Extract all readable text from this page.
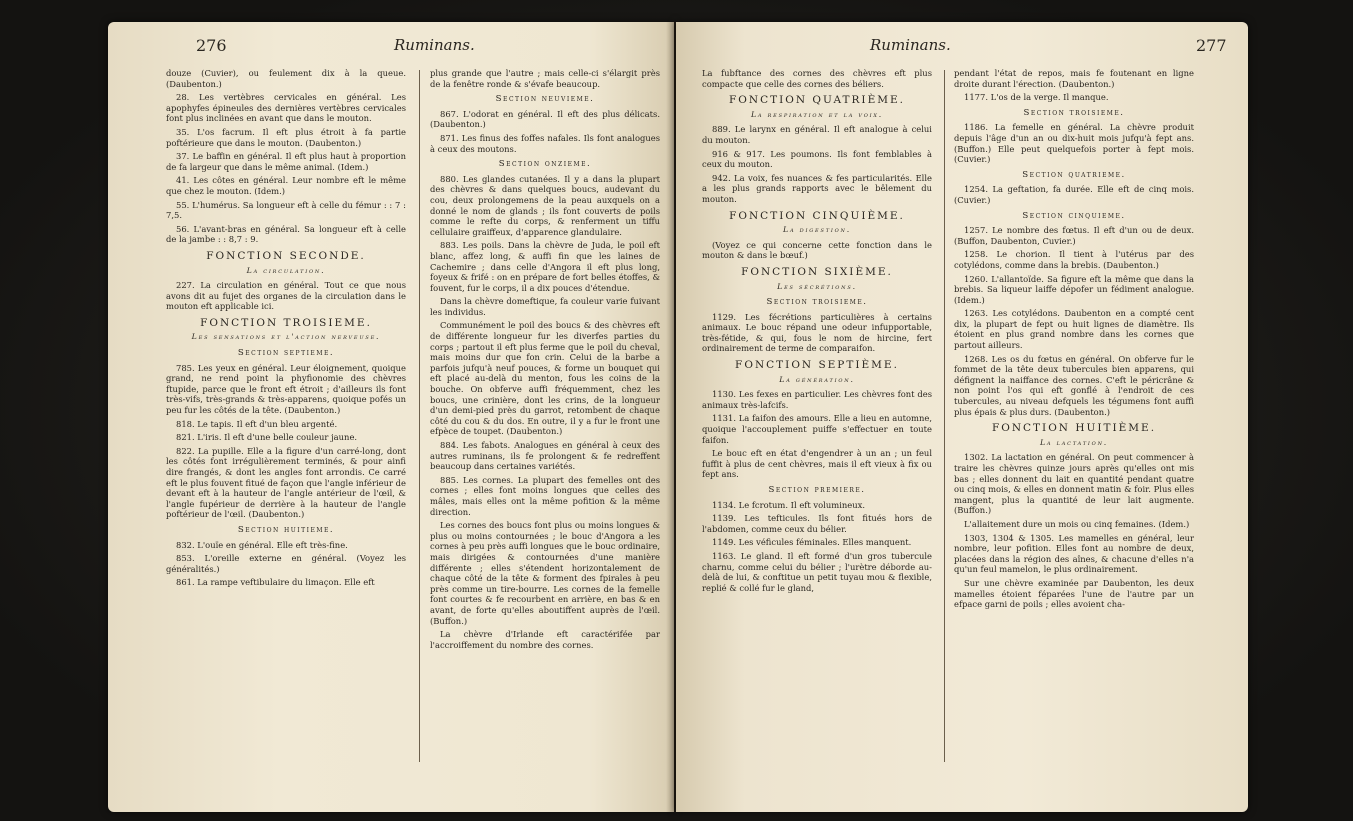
276	Ruminans.

douze (Cuvier), ou feulement dix à la queue. (Daubenton.)

28. Les vertèbres cervicales en général. Les apophyfes épineules des dernières vertèbres cervicales font plus inclinées en avant que dans le mouton.

35. L'os facrum. Il eft plus étroit à fa partie poftérieure que dans le mouton. (Daubenton.)

37. Le baffin en général. Il eft plus haut à proportion de fa largeur que dans le même animal. (Idem.)

41. Les côtes en général. Leur nombre eft le même que chez le mouton. (Idem.)

55. L'humérus. Sa longueur eft à celle du fémur : : 7 : 7,5.

56. L'avant-bras en général. Sa longueur eft à celle de la jambe : : 8,7 : 9.

FONCTION SECONDE.
La circulation.

227. La circulation en général. Tout ce que nous avons dit au fujet des organes de la circulation dans le mouton eft applicable ici.

FONCTION TROISIEME.
Les sensations et l'action nerveuse.
Section septieme.

785. Les yeux en général. Leur éloignement, quoique grand, ne rend point la phyfionomie des chèvres ftupide, parce que le front eft étroit ; d'ailleurs ils font très-vifs, très-grands & très-apparens, quoique pofés un peu fur les côtés de la tête. (Daubenton.)

818. Le tapis. Il eft d'un bleu argenté.

821. L'iris. Il eft d'une belle couleur jaune.

822. La pupille. Elle a la figure d'un carré-long, dont les côtés font irrégulièrement terminés, & pour ainfi dire frangés, & dont les angles font arrondis. Ce carré eft le plus fouvent fitué de façon que l'angle inférieur de devant eft à la hauteur de l'angle antérieur de l'œil, & l'angle fupérieur de derrière à la hauteur de l'angle poftérieur de l'œil. (Daubenton.)

Section huitieme.

832. L'ouïe en général. Elle eft très-fine.

853. L'oreille externe en général. (Voyez les généralités.)

861. La rampe veftibulaire du limaçon. Elle eft

plus grande que l'autre ; mais celle-ci s'élargit près de la fenêtre ronde & s'évafe beaucoup.

Section neuvieme.

867. L'odorat en général. Il eft des plus délicats. (Daubenton.)

871. Les finus des foffes nafales. Ils font analogues à ceux des moutons.

Section onzieme.

880. Les glandes cutanées. Il y a dans la plupart des chèvres & dans quelques boucs, audevant du cou, deux prolongemens de la peau auxquels on a donné le nom de glands ; ils font couverts de poils comme le refte du corps, & renferment un tiffu cellulaire graiffeux, d'apparence glandulaire.

883. Les poils. Dans la chèvre de Juda, le poil eft blanc, affez long, & auffi fin que les laines de Cachemire ; dans celle d'Angora il eft plus long, foyeux & frifé : on en prépare de fort belles étoffes, & fouvent, fur le corps, il a dix pouces d'étendue.

Dans la chèvre domeftique, fa couleur varie fuivant les individus.

Communément le poil des boucs & des chèvres eft de différente longueur fur les diverfes parties du corps ; partout il eft plus ferme que le poil du cheval, mais moins dur que fon crin. Celui de la barbe a parfois jufqu'à neuf pouces, & forme un bouquet qui eft placé au-delà du menton, fous les coins de la bouche. On obferve auffi fréquemment, chez les boucs, une crinière, dont les crins, de la longueur d'un demi-pied près du garrot, retombent de chaque côté du cou & du dos. En outre, il y a fur le front une efpèce de toupet. (Daubenton.)

884. Les fabots. Analogues en général à ceux des autres ruminans, ils fe prolongent & fe redreffent beaucoup dans certaines variétés.

885. Les cornes. La plupart des femelles ont des cornes ; elles font moins longues que celles des mâles, mais elles ont la même pofition & la même direction.

Les cornes des boucs font plus ou moins longues & plus ou moins contournées ; le bouc d'Angora a les cornes à peu près auffi longues que le bouc ordinaire, mais dirigées & contournées d'une manière différente ; elles s'étendent horizontalement de chaque côté de la tête & forment des fpirales à peu près comme un tire-bourre. Les cornes de la femelle font courtes & fe recourbent en arrière, en bas & en avant, de forte qu'elles aboutiffent auprès de l'œil. (Buffon.)

La chèvre d'Irlande eft caractérifée par l'accroiffement du nombre des cornes.

Ruminans.	277

La fubftance des cornes des chèvres eft plus compacte que celle des cornes des béliers.

FONCTION QUATRIÈME.
La respiration et la voix.

889. Le larynx en général. Il eft analogue à celui du mouton.

916 & 917. Les poumons. Ils font femblables à ceux du mouton.

942. La voix, fes nuances & fes particularités. Elle a les plus grands rapports avec le bêlement du mouton.

FONCTION CINQUIÈME.
La digestion.

(Voyez ce qui concerne cette fonction dans le mouton & dans le bœuf.)

FONCTION SIXIÈME.
Les sécrétions.
Section troisieme.

1129. Les fécrétions particulières à certains animaux. Le bouc répand une odeur infupportable, très-fétide, & qui, fous le nom de hircine, fert ordinairement de terme de comparaifon.

FONCTION SEPTIÈME.
La génération.

1130. Les fexes en particulier. Les chèvres font des animaux très-lafcifs.

1131. La faifon des amours. Elle a lieu en automne, quoique l'accouplement puiffe s'effectuer en toute faifon.

Le bouc eft en état d'engendrer à un an ; un feul fuffit à plus de cent chèvres, mais il eft vieux à fix ou fept ans.

Section premiere.

1134. Le fcrotum. Il eft volumineux.

1139. Les tefticules. Ils font fitués hors de l'abdomen, comme ceux du bélier.

1149. Les véficules féminales. Elles manquent.

1163. Le gland. Il eft formé d'un gros tubercule charnu, comme celui du bélier ; l'urètre déborde au-delà de lui, & conftitue un petit tuyau mou & flexible, replié & collé fur le gland,

pendant l'état de repos, mais fe foutenant en ligne droite durant l'érection. (Daubenton.)

1177. L'os de la verge. Il manque.

Section troisieme.

1186. La femelle en général. La chèvre produit depuis l'âge d'un an ou dix-huit mois jufqu'à fept ans. (Buffon.) Elle peut quelquefois porter à fept mois. (Cuvier.)

Section quatrieme.

1254. La geftation, fa durée. Elle eft de cinq mois. (Cuvier.)

Section cinquieme.

1257. Le nombre des fœtus. Il eft d'un ou de deux. (Buffon, Daubenton, Cuvier.)

1258. Le chorion. Il tient à l'utérus par des cotylédons, comme dans la brebis. (Daubenton.)

1260. L'allantoïde. Sa figure eft la même que dans la brebis. Sa liqueur laiffe dépofer un fédiment analogue. (Idem.)

1263. Les cotylédons. Daubenton en a compté cent dix, la plupart de fept ou huit lignes de diamètre. Ils étoient en plus grand nombre dans les cornes que partout ailleurs.

1268. Les os du fœtus en général. On obferve fur le fommet de la tête deux tubercules bien apparens, qui défignent la naiffance des cornes. C'eft le péricrâne & non point l'os qui eft gonflé à l'endroit de ces tubercules, au niveau defquels les tégumens font auffi plus épais & plus durs. (Daubenton.)

FONCTION HUITIÈME.
La lactation.

1302. La lactation en général. On peut commencer à traire les chèvres quinze jours après qu'elles ont mis bas ; elles donnent du lait en quantité pendant quatre ou cinq mois, & elles en donnent matin & foir. Plus elles mangent, plus la quantité de leur lait augmente. (Buffon.)

L'allaitement dure un mois ou cinq femaines. (Idem.)

1303, 1304 & 1305. Les mamelles en général, leur nombre, leur pofition. Elles font au nombre de deux, placées dans la région des aînes, & chacune d'elles n'a qu'un feul mamelon, le plus ordinairement.

Sur une chèvre examinée par Daubenton, les deux mamelles étoient féparées l'une de l'autre par un efpace garni de poils ; elles avoient cha-
